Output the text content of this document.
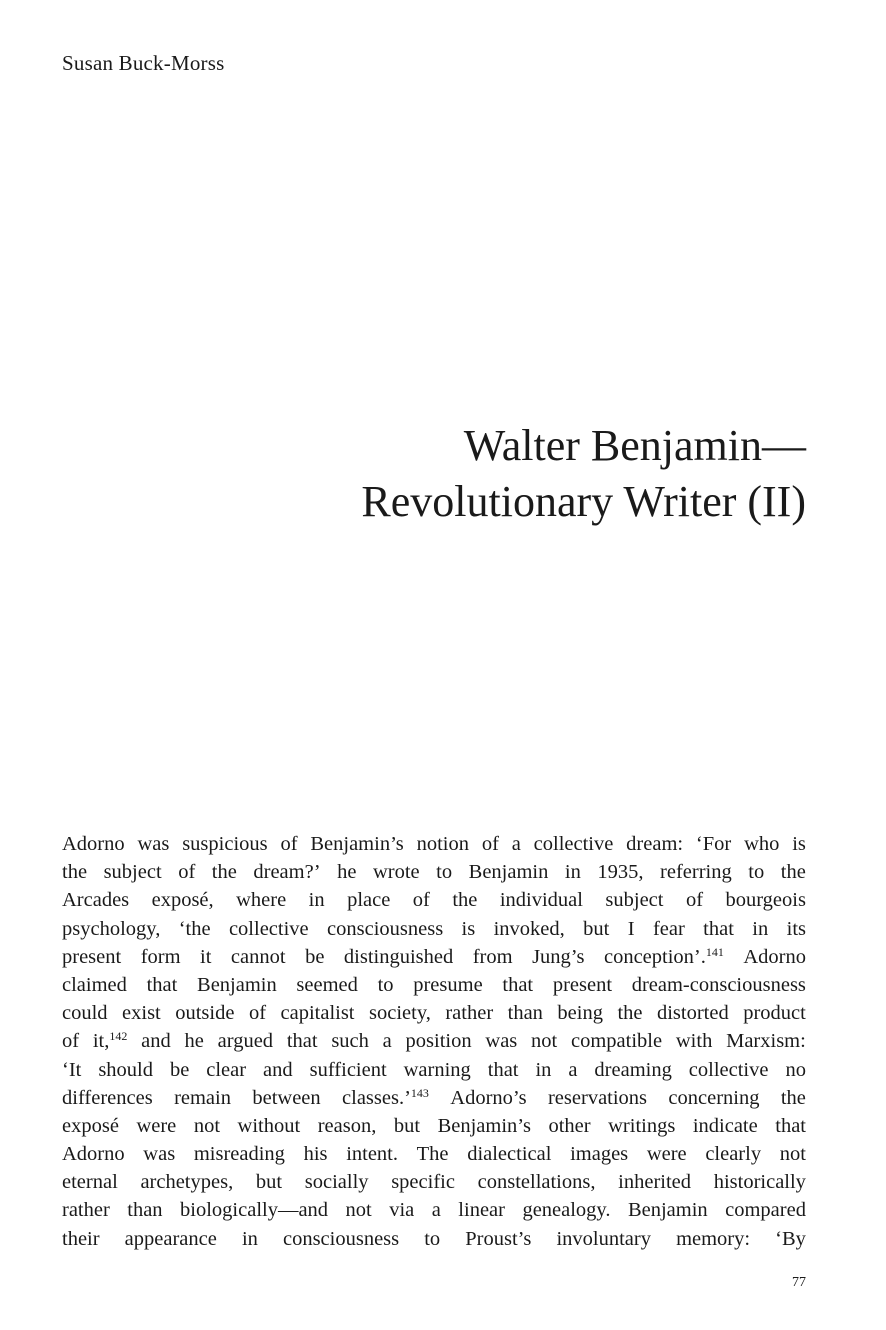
Susan Buck-Morss
Walter Benjamin—
Revolutionary Writer (II)
Adorno was suspicious of Benjamin’s notion of a collective dream: ‘For who is
the subject of the dream?’ he wrote to Benjamin in 1935, referring to the
Arcades exposé, where in place of the individual subject of bourgeois
psychology, ‘the collective consciousness is invoked, but I fear that in its
present form it cannot be distinguished from Jung’s conception’.$^{141}$ Adorno
claimed that Benjamin seemed to presume that present dream-consciousness
could exist outside of capitalist society, rather than being the distorted product
of it,$^{142}$ and he argued that such a position was not compatible with Marxism:
‘It should be clear and sufficient warning that in a dreaming collective no
differences remain between classes.’$^{143}$ Adorno’s reservations concerning the
exposé were not without reason, but Benjamin’s other writings indicate that
Adorno was misreading his intent. The dialectical images were clearly not
eternal archetypes, but socially specific constellations, inherited historically
rather than biologically—and not via a linear genealogy. Benjamin compared
their appearance in consciousness to Proust’s involuntary memory: ‘By
77
